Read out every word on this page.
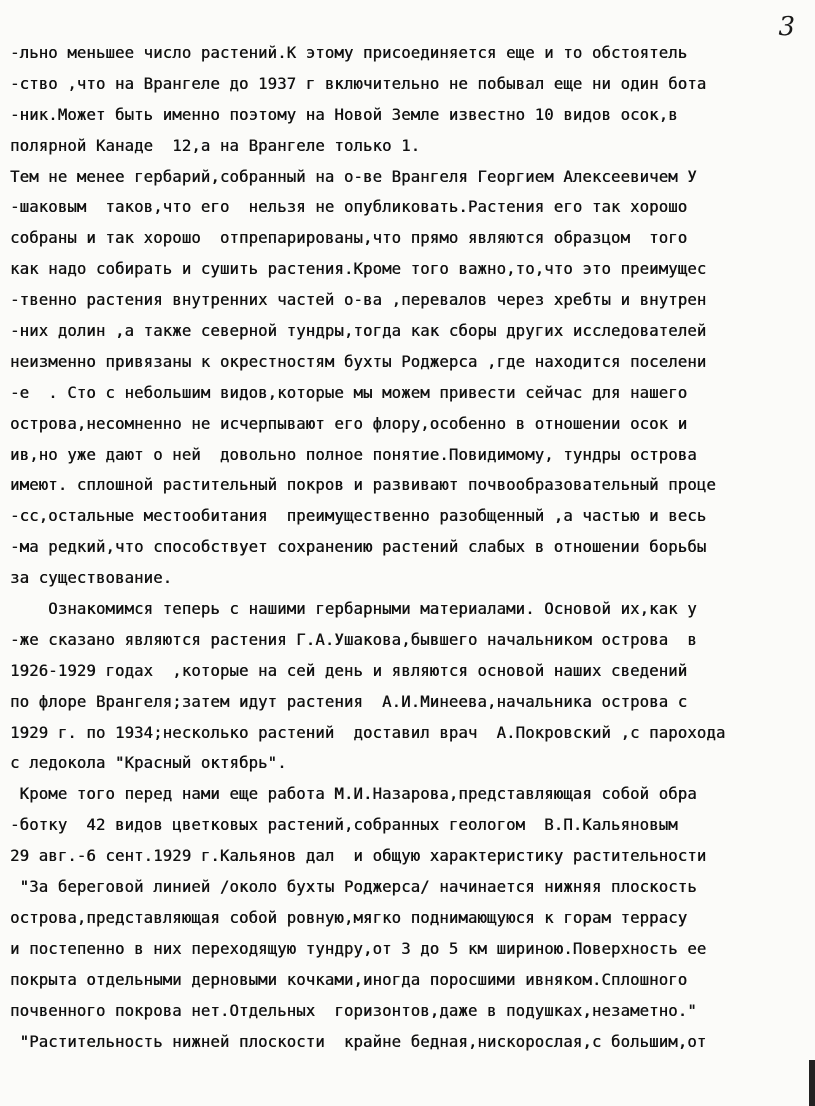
3
-льно меньшее число растений.К этому присоединяется еще и то обстоятель
-ство ,что на Врангеле до 1937 г включительно не побывал еще ни один бота
-ник.Может быть именно поэтому на Новой Земле известно 10 видов осок,в
полярной Канаде  12,а на Врангеле только 1.
Тем не менее гербарий,собранный на о-ве Врангеля Георгием Алексеевичем У
-шаковым  таков,что его  нельзя не опубликовать.Растения его так хорошо
собраны и так хорошо  отпрепарированы,что прямо являются образцом  того
как надо собирать и сушить растения.Кроме того важно,то,что это преимущес
-твенно растения внутренних частей о-ва ,перевалов через хребты и внутрен
-них долин ,а также северной тундры,тогда как сборы других исследователей
неизменно привязаны к окрестностям бухты Роджерса ,где находится поселени
-е  . Сто с небольшим видов,которые мы можем привести сейчас для нашего
острова,несомненно не исчерпывают его флору,особенно в отношении осок и
ив,но уже дают о ней  довольно полное понятие.Повидимому, тундры острова
имеют. сплошной растительный покров и развивают почвообразовательный проце
-сс,остальные местообитания  преимущественно разобщенный ,а частью и весь
-ма редкий,что способствует сохранению растений слабых в отношении борьбы
за существование.
Ознакомимся теперь с нашими гербарными материалами. Основой их,как у
-же сказано являются растения Г.А.Ушакова,бывшего начальником острова  в
1926-1929 годах  ,которые на сей день и являются основой наших сведений
по флоре Врангеля;затем идут растения  А.И.Минеева,начальника острова с
1929 г. по 1934;несколько растений  доставил врач  А.Покровский ,с парохода
с ледокола "Красный октябрь".
Кроме того перед нами еще работа М.И.Назарова,представляющая собой обра
-ботку  42 видов цветковых растений,собранных геологом  В.П.Кальяновым
29 авг.-6 сент.1929 г.Кальянов дал  и общую характеристику растительности
"За береговой линией /около бухты Роджерса/ начинается нижняя плоскость
острова,представляющая собой ровную,мягко поднимающуюся к горам террасу
и постепенно в них переходящую тундру,от 3 до 5 км шириною.Поверхность ее
покрыта отдельными дерновыми кочками,иногда поросшими ивняком.Сплошного
почвенного покрова нет.Отдельных  горизонтов,даже в подушках,незаметно."
"Растительность нижней плоскости  крайне бедная,нискорослая,с большим,от
